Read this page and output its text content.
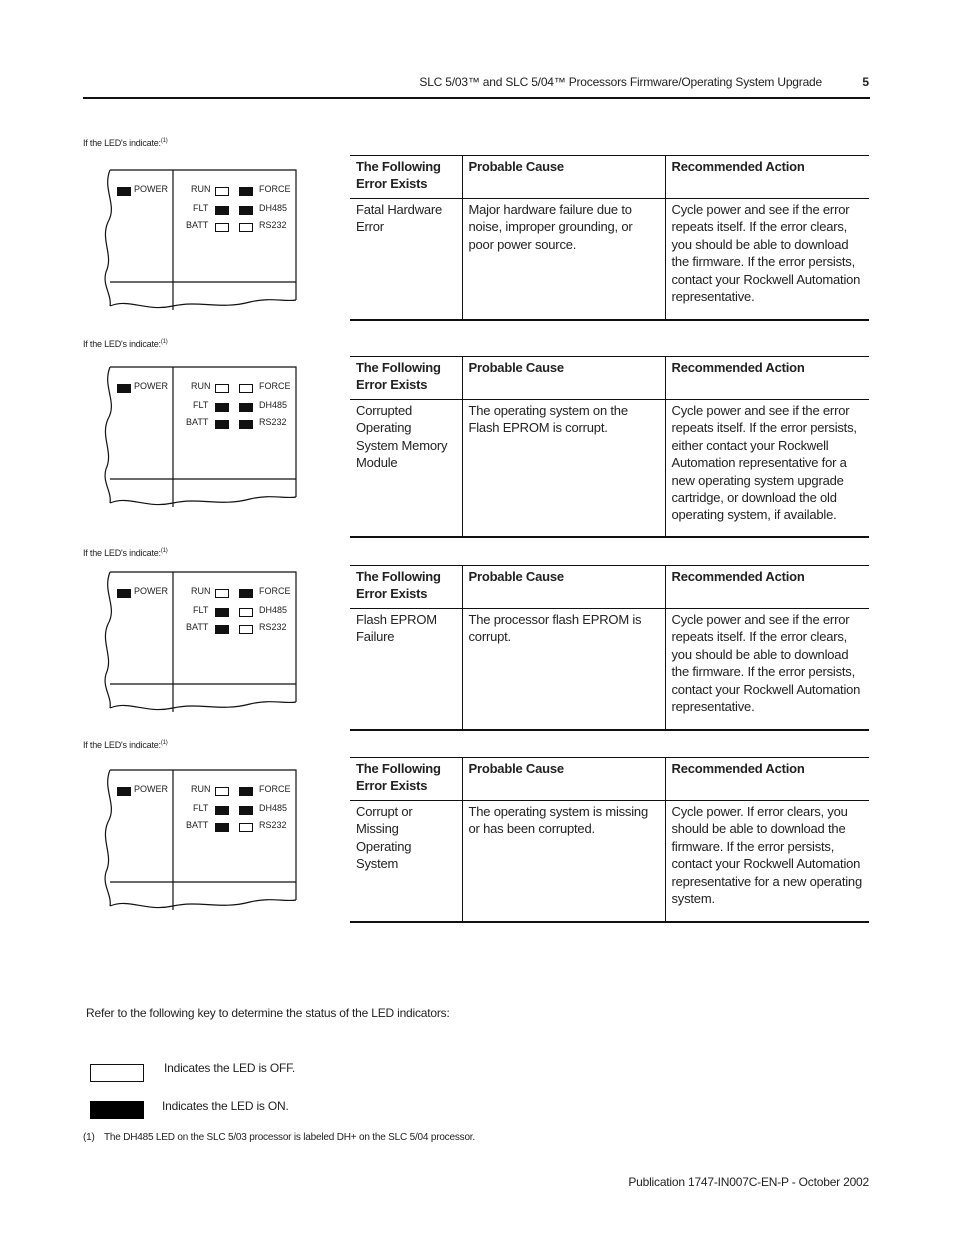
SLC 5/03™ and SLC 5/04™ Processors Firmware/Operating System Upgrade	5
If the LED's indicate:$^{(1)}$
POWER	RUN
FLT
BATT
FORCE
DH485
RS232
The Following Error Exists	Probable Cause	Recommended Action
Fatal Hardware Error	Major hardware failure due to noise, improper grounding, or poor power source.	Cycle power and see if the error repeats itself. If the error clears, you should be able to download the firmware. If the error persists, contact your Rockwell Automation representative.
If the LED's indicate:$^{(1)}$
POWER	RUN
FLT
BATT
FORCE
DH485
RS232
The Following Error Exists	Probable Cause	Recommended Action
Corrupted Operating System Memory Module	The operating system on the Flash EPROM is corrupt.	Cycle power and see if the error repeats itself. If the error persists, either contact your Rockwell Automation representative for a new operating system upgrade cartridge, or download the old operating system, if available.
If the LED's indicate:$^{(1)}$
POWER	RUN
FLT
BATT
FORCE
DH485
RS232
The Following Error Exists	Probable Cause	Recommended Action
Flash EPROM Failure	The processor flash EPROM is corrupt.	Cycle power and see if the error repeats itself. If the error clears, you should be able to download the firmware. If the error persists, contact your Rockwell Automation representative.
If the LED's indicate:$^{(1)}$
POWER	RUN
FLT
BATT
FORCE
DH485
RS232
The Following Error Exists	Probable Cause	Recommended Action
Corrupt or Missing Operating System	The operating system is missing or has been corrupted.	Cycle power. If error clears, you should be able to download the firmware. If the error persists, contact your Rockwell Automation representative for a new operating system.
Refer to the following key to determine the status of the LED indicators:
Indicates the LED is OFF.
Indicates the LED is ON.
(1) The DH485 LED on the SLC 5/03 processor is labeled DH+ on the SLC 5/04 processor.
Publication 1747-IN007C-EN-P - October 2002
